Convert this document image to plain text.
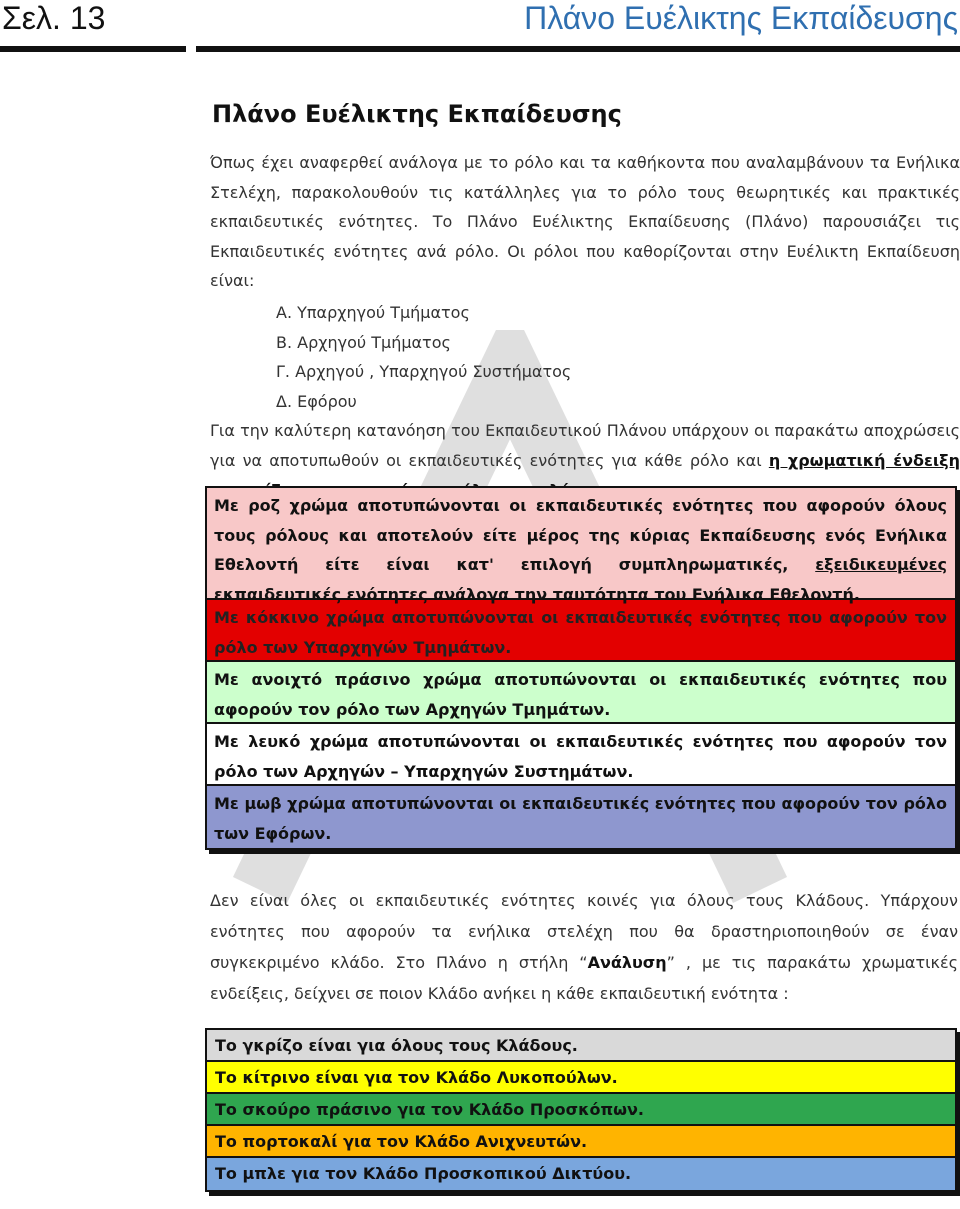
Σελ. 13	Πλάνο Ευέλικτης Εκπαίδευσης
Πλάνο Ευέλικτης Εκπαίδευσης

Όπως έχει αναφερθεί ανάλογα με το ρόλο και τα καθήκοντα που αναλαμβάνουν τα Ενήλικα Στελέχη, παρακολουθούν τις κατάλληλες για το ρόλο τους θεωρητικές και πρακτικές εκπαιδευτικές ενότητες. Το Πλάνο Ευέλικτης Εκπαίδευσης (Πλάνο) παρουσιάζει τις Εκπαιδευτικές ενότητες ανά ρόλο. Οι ρόλοι που καθορίζονται στην Ευέλικτη Εκπαίδευση είναι:

Α. Υπαρχηγού Τμήματος
Β. Αρχηγού Τμήματος
Γ. Αρχηγού , Υπαρχηγού Συστήματος
Δ. Εφόρου

Για την καλύτερη κατανόηση του Εκπαιδευτικού Πλάνου υπάρχουν οι παρακάτω αποχρώσεις για να αποτυπωθούν οι εκπαιδευτικές ενότητες για κάθε ρόλο και η χρωματική ένδειξη

Με ροζ χρώμα αποτυπώνονται οι εκπαιδευτικές ενότητες που αφορούν όλους τους ρόλους και αποτελούν είτε μέρος της κύριας Εκπαίδευσης ενός Ενήλικα Εθελοντή είτε είναι κατ' επιλογή συμπληρωματικές, εξειδικευμένες εκπαιδευτικές ενότητες ανάλογα την ταυτότητα του Ενήλικα Εθελοντή.
Με κόκκινο χρώμα αποτυπώνονται οι εκπαιδευτικές ενότητες που αφορούν τον ρόλο των Υπαρχηγών Τμημάτων.
Με ανοιχτό πράσινο χρώμα αποτυπώνονται οι εκπαιδευτικές ενότητες που αφορούν τον ρόλο των Αρχηγών Τμημάτων.
Με λευκό χρώμα αποτυπώνονται οι εκπαιδευτικές ενότητες που αφορούν τον ρόλο των Αρχηγών – Υπαρχηγών Συστημάτων.
Με μωβ χρώμα αποτυπώνονται οι εκπαιδευτικές ενότητες που αφορούν τον ρόλο των Εφόρων.

Δεν είναι όλες οι εκπαιδευτικές ενότητες κοινές για όλους τους Κλάδους. Υπάρχουν ενότητες που αφορούν τα ενήλικα στελέχη που θα δραστηριοποιηθούν σε έναν συγκεκριμένο κλάδο. Στο Πλάνο η στήλη “Ανάλυση” , με τις παρακάτω χρωματικές ενδείξεις, δείχνει σε ποιον Κλάδο ανήκει η κάθε εκπαιδευτική ενότητα :

Το γκρίζο είναι για όλους τους Κλάδους.
Το κίτρινο είναι για τον Κλάδο Λυκοπούλων.
Το σκούρο πράσινο για τον Κλάδο Προσκόπων.
Το πορτοκαλί για τον Κλάδο Ανιχνευτών.
Το μπλε για τον Κλάδο Προσκοπικού Δικτύου.
